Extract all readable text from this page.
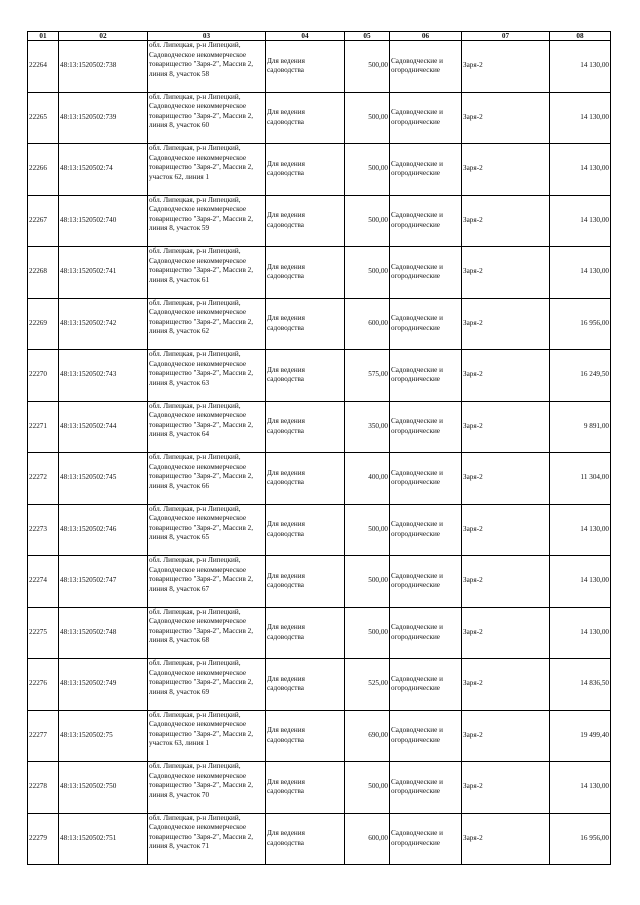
01	02	03	04	05	06	07	08

22264	48:13:1520502:738	обл. Липецкая, р-н Липецкий, Садоводческое некоммерческое товарищество "Заря-2", Массив 2, линия 8, участок 58	Для ведения садоводства	500,00	Садоводческие и огороднические	Заря-2	14 130,00

22265	48:13:1520502:739	обл. Липецкая, р-н Липецкий, Садоводческое некоммерческое товарищество "Заря-2", Массив 2, линия 8, участок 60	Для ведения садоводства	500,00	Садоводческие и огороднические	Заря-2	14 130,00

22266	48:13:1520502:74	обл. Липецкая, р-н Липецкий, Садоводческое некоммерческое товарищество "Заря-2", Массив 2, участок 62, линия 1	Для ведения садоводства	500,00	Садоводческие и огороднические	Заря-2	14 130,00

22267	48:13:1520502:740	обл. Липецкая, р-н Липецкий, Садоводческое некоммерческое товарищество "Заря-2", Массив 2, линия 8, участок 59	Для ведения садоводства	500,00	Садоводческие и огороднические	Заря-2	14 130,00

22268	48:13:1520502:741	обл. Липецкая, р-н Липецкий, Садоводческое некоммерческое товарищество "Заря-2", Массив 2, линия 8, участок 61	Для ведения садоводства	500,00	Садоводческие и огороднические	Заря-2	14 130,00

22269	48:13:1520502:742	обл. Липецкая, р-н Липецкий, Садоводческое некоммерческое товарищество "Заря-2", Массив 2, линия 8, участок 62	Для ведения садоводства	600,00	Садоводческие и огороднические	Заря-2	16 956,00

22270	48:13:1520502:743	обл. Липецкая, р-н Липецкий, Садоводческое некоммерческое товарищество "Заря-2", Массив 2, линия 8, участок 63	Для ведения садоводства	575,00	Садоводческие и огороднические	Заря-2	16 249,50

22271	48:13:1520502:744	обл. Липецкая, р-н Липецкий, Садоводческое некоммерческое товарищество "Заря-2", Массив 2, линия 8, участок 64	Для ведения садоводства	350,00	Садоводческие и огороднические	Заря-2	9 891,00

22272	48:13:1520502:745	обл. Липецкая, р-н Липецкий, Садоводческое некоммерческое товарищество "Заря-2", Массив 2, линия 8, участок 66	Для ведения садоводства	400,00	Садоводческие и огороднические	Заря-2	11 304,00

22273	48:13:1520502:746	обл. Липецкая, р-н Липецкий, Садоводческое некоммерческое товарищество "Заря-2", Массив 2, линия 8, участок 65	Для ведения садоводства	500,00	Садоводческие и огороднические	Заря-2	14 130,00

22274	48:13:1520502:747	обл. Липецкая, р-н Липецкий, Садоводческое некоммерческое товарищество "Заря-2", Массив 2, линия 8, участок 67	Для ведения садоводства	500,00	Садоводческие и огороднические	Заря-2	14 130,00

22275	48:13:1520502:748	обл. Липецкая, р-н Липецкий, Садоводческое некоммерческое товарищество "Заря-2", Массив 2, линия 8, участок 68	Для ведения садоводства	500,00	Садоводческие и огороднические	Заря-2	14 130,00

22276	48:13:1520502:749	обл. Липецкая, р-н Липецкий, Садоводческое некоммерческое товарищество "Заря-2", Массив 2, линия 8, участок 69	Для ведения садоводства	525,00	Садоводческие и огороднические	Заря-2	14 836,50

22277	48:13:1520502:75	обл. Липецкая, р-н Липецкий, Садоводческое некоммерческое товарищество "Заря-2", Массив 2, участок 63, линия 1	Для ведения садоводства	690,00	Садоводческие и огороднические	Заря-2	19 499,40

22278	48:13:1520502:750	обл. Липецкая, р-н Липецкий, Садоводческое некоммерческое товарищество "Заря-2", Массив 2, линия 8, участок 70	Для ведения садоводства	500,00	Садоводческие и огороднические	Заря-2	14 130,00

22279	48:13:1520502:751	обл. Липецкая, р-н Липецкий, Садоводческое некоммерческое товарищество "Заря-2", Массив 2, линия 8, участок 71	Для ведения садоводства	600,00	Садоводческие и огороднические	Заря-2	16 956,00
